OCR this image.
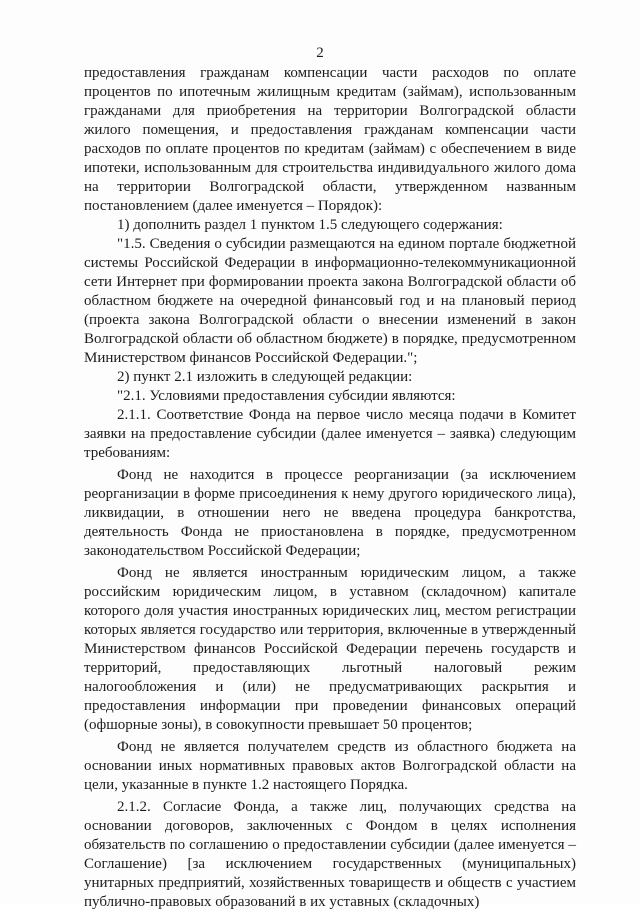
2

предоставления гражданам компенсации части расходов по оплате процентов по ипотечным жилищным кредитам (займам), использованным гражданами для приобретения на территории Волгоградской области жилого помещения, и предоставления гражданам компенсации части расходов по оплате процентов по кредитам (займам) с обеспечением в виде ипотеки, использованным для строительства индивидуального жилого дома на территории Волгоградской области, утвержденном названным постановлением (далее именуется – Порядок):

1) дополнить раздел 1 пунктом 1.5 следующего содержания:

"1.5. Сведения о субсидии размещаются на едином портале бюджетной системы Российской Федерации в информационно-телекоммуникационной сети Интернет при формировании проекта закона Волгоградской области об областном бюджете на очередной финансовый год и на плановый период (проекта закона Волгоградской области о внесении изменений в закон Волгоградской области об областном бюджете) в порядке, предусмотренном Министерством финансов Российской Федерации.";

2) пункт 2.1 изложить в следующей редакции:

"2.1. Условиями предоставления субсидии являются:

2.1.1. Соответствие Фонда на первое число месяца подачи в Комитет заявки на предоставление субсидии (далее именуется – заявка) следующим требованиям:

Фонд не находится в процессе реорганизации (за исключением реорганизации в форме присоединения к нему другого юридического лица), ликвидации, в отношении него не введена процедура банкротства, деятельность Фонда не приостановлена в порядке, предусмотренном законодательством Российской Федерации;

Фонд не является иностранным юридическим лицом, а также российским юридическим лицом, в уставном (складочном) капитале которого доля участия иностранных юридических лиц, местом регистрации которых является государство или территория, включенные в утвержденный Министерством финансов Российской Федерации перечень государств и территорий, предоставляющих льготный налоговый режим налогообложения и (или) не предусматривающих раскрытия и предоставления информации при проведении финансовых операций (офшорные зоны), в совокупности превышает 50 процентов;

Фонд не является получателем средств из областного бюджета на основании иных нормативных правовых актов Волгоградской области на цели, указанные в пункте 1.2 настоящего Порядка.

2.1.2. Согласие Фонда, а также лиц, получающих средства на основании договоров, заключенных с Фондом в целях исполнения обязательств по соглашению о предоставлении субсидии (далее именуется – Соглашение) [за исключением государственных (муниципальных) унитарных предприятий, хозяйственных товариществ и обществ с участием публично-правовых образований в их уставных (складочных)
